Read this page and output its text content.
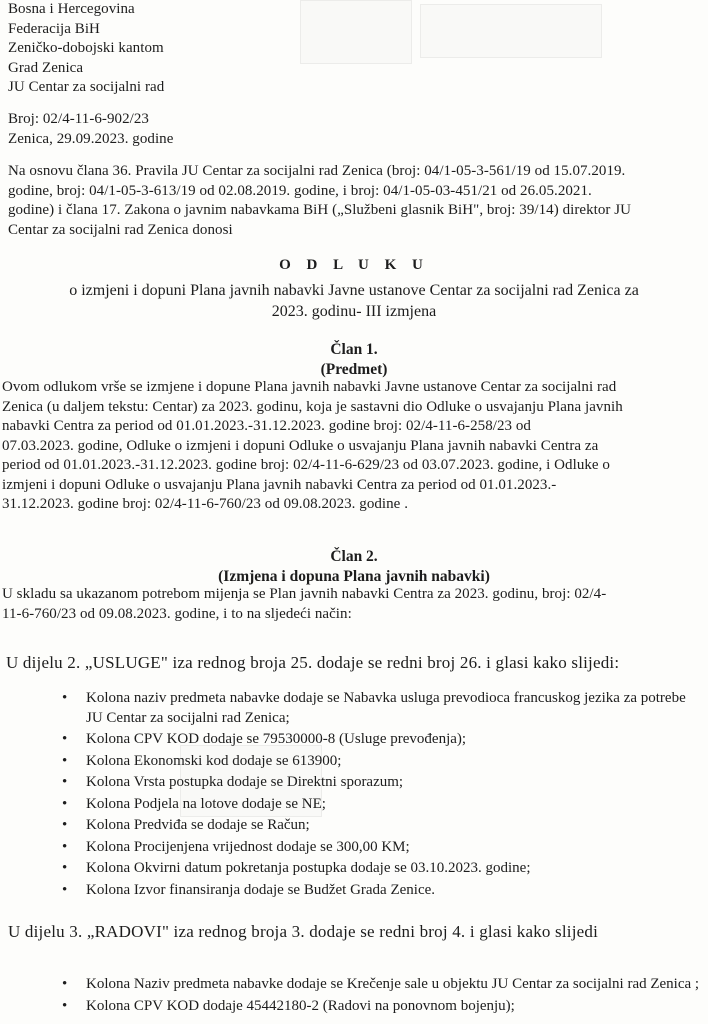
Bosna i Hercegovina
Federacija BiH
Zeničko-dobojski kantom
Grad Zenica
JU Centar za socijalni rad
Broj: 02/4-11-6-902/23
Zenica, 29.09.2023. godine
Na osnovu člana 36. Pravila JU Centar za socijalni rad Zenica (broj: 04/1-05-3-561/19 od 15.07.2019.
godine, broj: 04/1-05-3-613/19 od 02.08.2019. godine, i broj: 04/1-05-03-451/21 od 26.05.2021.
godine) i člana 17. Zakona o javnim nabavkama BiH („Službeni glasnik BiH", broj: 39/14) direktor JU
Centar za socijalni rad Zenica donosi
O D L U K U
o izmjeni i dopuni Plana javnih nabavki Javne ustanove Centar za socijalni rad Zenica za
2023. godinu- III izmjena
Član 1.
(Predmet)
Ovom odlukom vrše se izmjene i dopune Plana javnih nabavki Javne ustanove Centar za socijalni rad
Zenica (u daljem tekstu: Centar) za 2023. godinu, koja je sastavni dio Odluke o usvajanju Plana javnih
nabavki Centra za period od 01.01.2023.-31.12.2023. godine broj: 02/4-11-6-258/23 od
07.03.2023. godine, Odluke o izmjeni i dopuni Odluke o usvajanju Plana javnih nabavki Centra za
period od 01.01.2023.-31.12.2023. godine broj: 02/4-11-6-629/23 od 03.07.2023. godine, i Odluke o
izmjeni i dopuni Odluke o usvajanju Plana javnih nabavki Centra za period od 01.01.2023.-
31.12.2023. godine broj: 02/4-11-6-760/23 od 09.08.2023. godine .
Član 2.
(Izmjena i dopuna Plana javnih nabavki)
U skladu sa ukazanom potrebom mijenja se Plan javnih nabavki Centra za 2023. godinu, broj: 02/4-
11-6-760/23 od 09.08.2023. godine, i to na sljedeći način:
U dijelu 2. „USLUGE" iza rednog broja 25. dodaje se redni broj 26. i glasi kako slijedi:
• Kolona naziv predmeta nabavke dodaje se Nabavka usluga prevodioca francuskog jezika za potrebe JU Centar za socijalni rad Zenica;
• Kolona CPV KOD dodaje se 79530000-8 (Usluge prevođenja);
• Kolona Ekonomski kod dodaje se 613900;
• Kolona Vrsta postupka dodaje se Direktni sporazum;
• Kolona Podjela na lotove dodaje se NE;
• Kolona Predviđa se dodaje se Račun;
• Kolona Procijenjena vrijednost dodaje se 300,00 KM;
• Kolona Okvirni datum pokretanja postupka dodaje se 03.10.2023. godine;
• Kolona Izvor finansiranja dodaje se Budžet Grada Zenice.
U dijelu 3. „RADOVI" iza rednog broja 3. dodaje se redni broj 4. i glasi kako slijedi
• Kolona Naziv predmeta nabavke dodaje se Krečenje sale u objektu JU Centar za socijalni rad Zenica ;
• Kolona CPV KOD dodaje 45442180-2 (Radovi na ponovnom bojenju);
